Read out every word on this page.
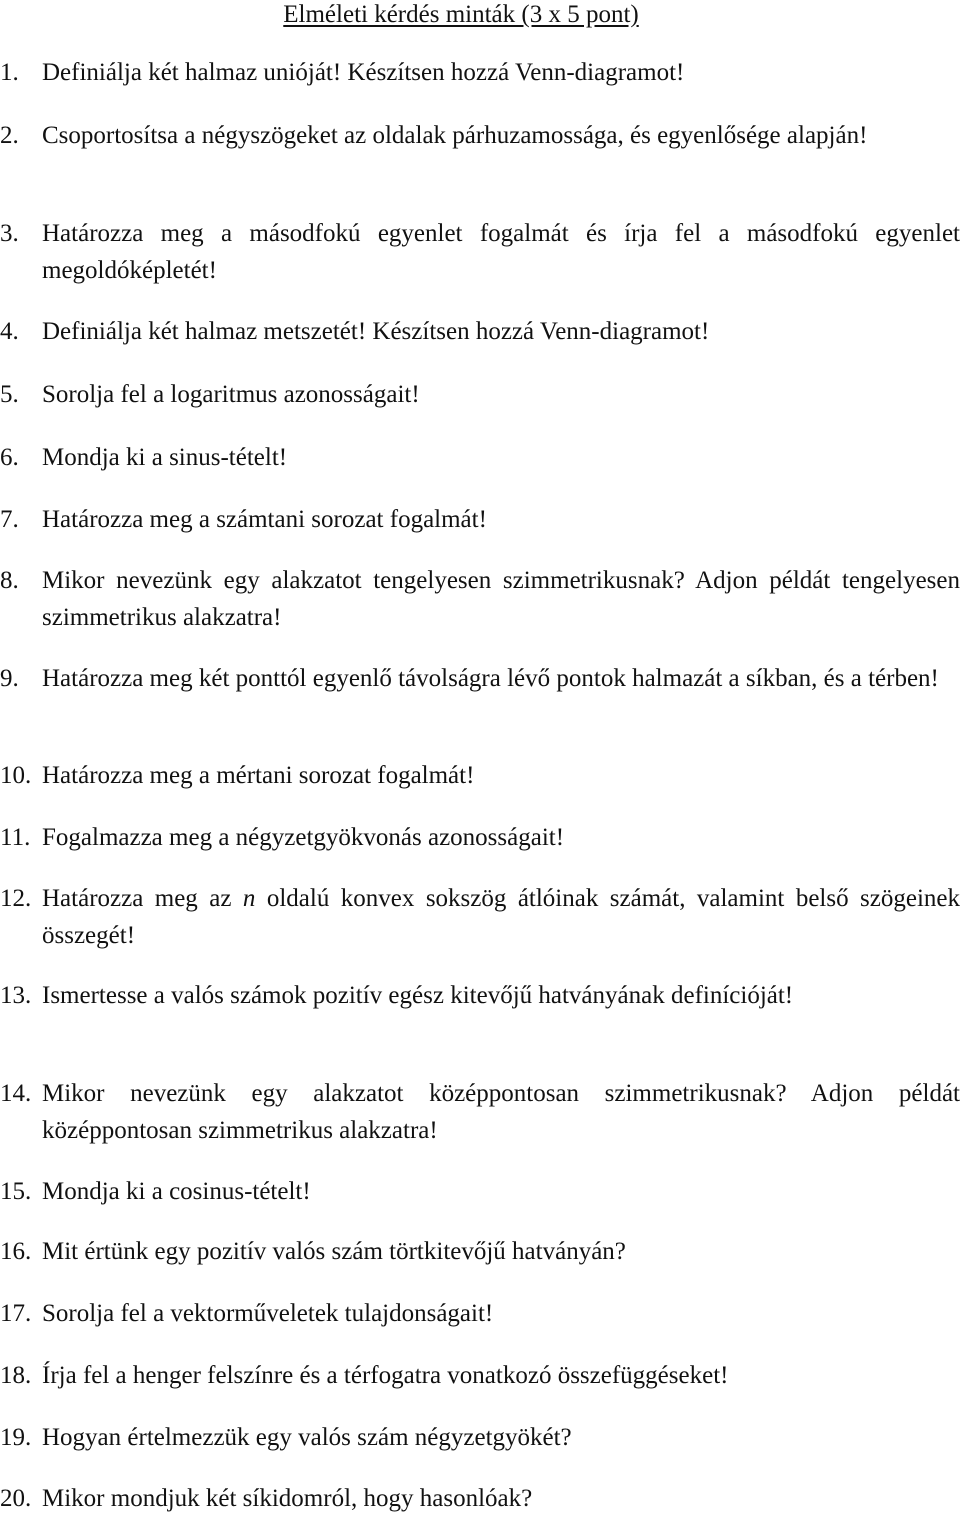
Elméleti kérdés minták (3 x 5 pont)
1. Definiálja két halmaz unióját! Készítsen hozzá Venn-diagramot!
2. Csoportosítsa a négyszögeket az oldalak párhuzamossága, és egyenlősége alapján!
3. Határozza meg a másodfokú egyenlet fogalmát és írja fel a másodfokú egyenlet megoldóképletét!
4. Definiálja két halmaz metszetét! Készítsen hozzá Venn-diagramot!
5. Sorolja fel a logaritmus azonosságait!
6. Mondja ki a sinus-tételt!
7. Határozza meg a számtani sorozat fogalmát!
8. Mikor nevezünk egy alakzatot tengelyesen szimmetrikusnak? Adjon példát tengelyesen szimmetrikus alakzatra!
9. Határozza meg két ponttól egyenlő távolságra lévő pontok halmazát a síkban, és a térben!
10. Határozza meg a mértani sorozat fogalmát!
11. Fogalmazza meg a négyzetgyökvonás azonosságait!
12. Határozza meg az n oldalú konvex sokszög átlóinak számát, valamint belső szögeinek összegét!
13. Ismertesse a valós számok pozitív egész kitevőjű hatványának definícióját!
14. Mikor nevezünk egy alakzatot középpontosan szimmetrikusnak? Adjon példát középpontosan szimmetrikus alakzatra!
15. Mondja ki a cosinus-tételt!
16. Mit értünk egy pozitív valós szám törtkitevőjű hatványán?
17. Sorolja fel a vektorműveletek tulajdonságait!
18. Írja fel a henger felszínre és a térfogatra vonatkozó összefüggéseket!
19. Hogyan értelmezzük egy valós szám négyzetgyökét?
20. Mikor mondjuk két síkidomról, hogy hasonlóak?
